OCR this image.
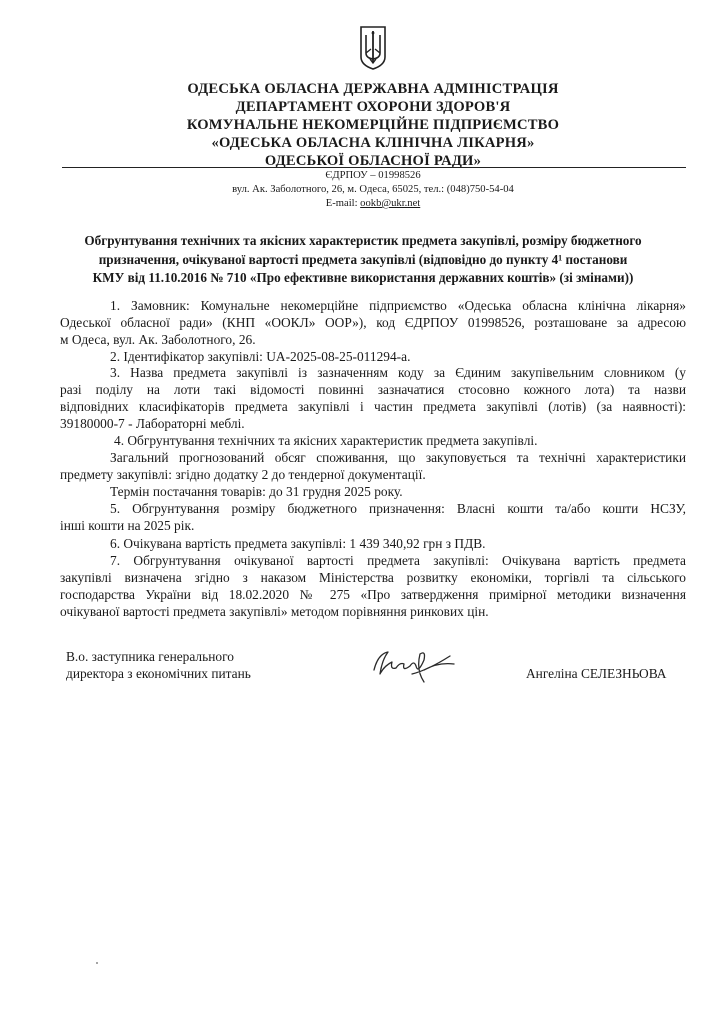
ОДЕСЬКА ОБЛАСНА ДЕРЖАВНА АДМІНІСТРАЦІЯ
ДЕПАРТАМЕНТ ОХОРОНИ ЗДОРОВ'Я
КОМУНАЛЬНЕ НЕКОМЕРЦІЙНЕ ПІДПРИЄМСТВО
«ОДЕСЬКА ОБЛАСНА КЛІНІЧНА ЛІКАРНЯ»
ОДЕСЬКОЇ ОБЛАСНОЇ РАДИ»
ЄДРПОУ – 01998526
вул. Ак. Заболотного, 26, м. Одеса, 65025, тел.: (048)750-54-04
E-mail: ookb@ukr.net
Обгрунтування технічних та якісних характеристик предмета закупівлі, розміру бюджетного
призначення, очікуваної вартості предмета закупівлі (відповідно до пункту 4¹ постанови
КМУ від 11.10.2016 № 710 «Про ефективне використання державних коштів» (зі змінами))
1. Замовник: Комунальне некомерційне підприємство «Одеська обласна клінічна лікарня»
Одеської обласної ради» (КНП «ООКЛ» ООР»), код ЄДРПОУ 01998526, розташоване за адресою
м Одеса, вул. Ак. Заболотного, 26.
2. Ідентифікатор закупівлі: UA-2025-08-25-011294-a.
3. Назва предмета закупівлі із зазначенням коду за Єдиним закупівельним словником (у
разі поділу на лоти такі відомості повинні зазначатися стосовно кожного лота) та назви
відповідних класифікаторів предмета закупівлі і частин предмета закупівлі (лотів) (за наявності):
39180000-7 - Лабораторні меблі.
4. Обгрунтування технічних та якісних характеристик предмета закупівлі.
Загальний прогнозований обсяг споживання, що закуповується та технічні характеристики
предмету закупівлі: згідно додатку 2 до тендерної документації.
Термін постачання товарів: до 31 грудня 2025 року.
5. Обгрунтування розміру бюджетного призначення: Власні кошти та/або кошти НСЗУ,
інші кошти на 2025 рік.
6. Очікувана вартість предмета закупівлі: 1 439 340,92 грн з ПДВ.
7. Обгрунтування очікуваної вартості предмета закупівлі: Очікувана вартість предмета
закупівлі визначена згідно з наказом Міністерства розвитку економіки, торгівлі та сільського
господарства України від 18.02.2020 № 275 «Про затвердження примірної методики визначення
очікуваної вартості предмета закупівлі» методом порівняння ринкових цін.
В.о. заступника генерального
директора з економічних питань	Ангеліна СЕЛЕЗНЬОВА
